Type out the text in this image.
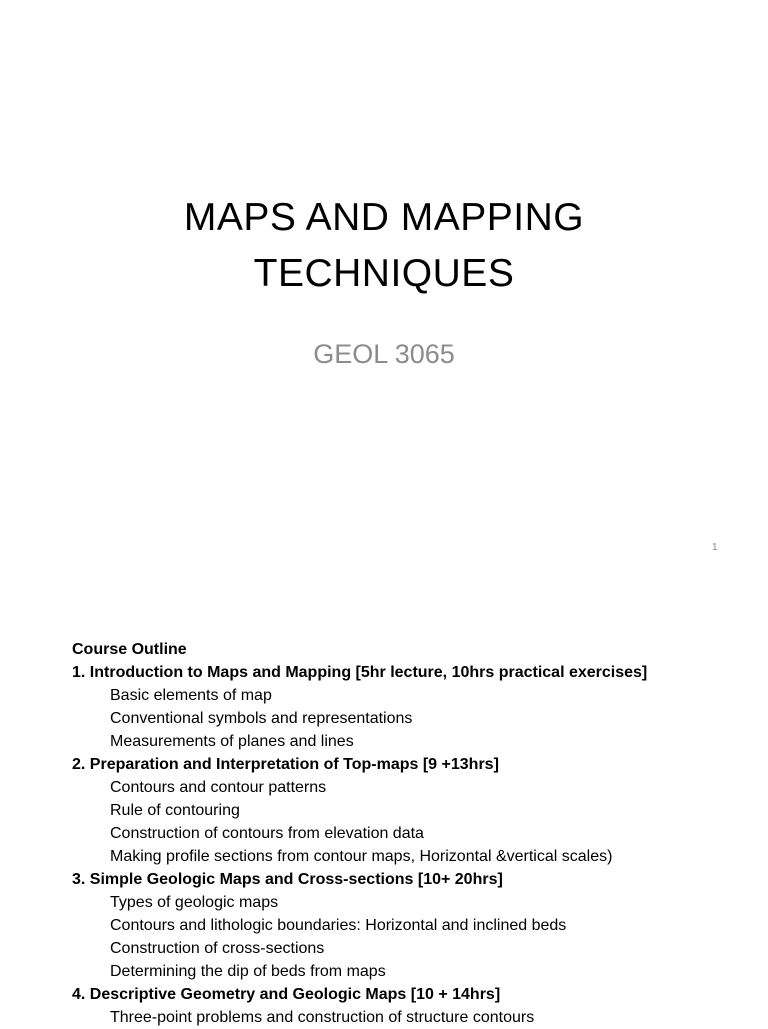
MAPS AND MAPPING
TECHNIQUES
GEOL 3065
1
Course Outline
1. Introduction to Maps and Mapping [5hr lecture, 10hrs practical exercises]
Basic elements of map
Conventional symbols and representations
Measurements of planes and lines
2. Preparation and Interpretation of Top-maps [9 +13hrs]
Contours and contour patterns
Rule of contouring
Construction of contours from elevation data
Making profile sections from contour maps, Horizontal &vertical scales)
3. Simple Geologic Maps and Cross-sections [10+ 20hrs]
Types of geologic maps
Contours and lithologic boundaries: Horizontal and inclined beds
Construction of cross-sections
Determining the dip of beds from maps
4. Descriptive Geometry and Geologic Maps [10 + 14hrs]
Three-point problems and construction of structure contours
